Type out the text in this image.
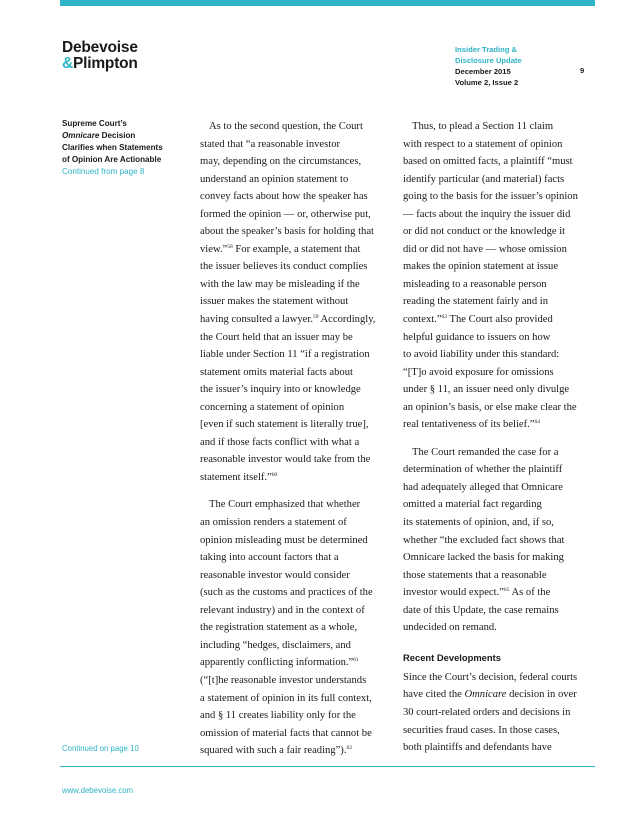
Debevoise
&Plimpton
Insider Trading &
Disclosure Update
December 2015
Volume 2, Issue 2
9
Supreme Court’s
Omnicare Decision
Clarifies when Statements
of Opinion Are Actionable
Continued from page 8

As to the second question, the Court
stated that “a reasonable investor
may, depending on the circumstances,
understand an opinion statement to
convey facts about how the speaker has
formed the opinion — or, otherwise put,
about the speaker’s basis for holding that
view.”$^{58}$ For example, a statement that
the issuer believes its conduct complies
with the law may be misleading if the
issuer makes the statement without
having consulted a lawyer.$^{59}$ Accordingly,
the Court held that an issuer may be
liable under Section 11 “if a registration
statement omits material facts about
the issuer’s inquiry into or knowledge
concerning a statement of opinion
[even if such statement is literally true],
and if those facts conflict with what a
reasonable investor would take from the
statement itself.”$^{60}$

The Court emphasized that whether
an omission renders a statement of
opinion misleading must be determined
taking into account factors that a
reasonable investor would consider
(such as the customs and practices of the
relevant industry) and in the context of
the registration statement as a whole,
including “hedges, disclaimers, and
apparently conflicting information.”$^{61}$
(“[t]he reasonable investor understands
a statement of opinion in its full context,
and § 11 creates liability only for the
omission of material facts that cannot be
squared with such a fair reading”).$^{62}$

Thus, to plead a Section 11 claim
with respect to a statement of opinion
based on omitted facts, a plaintiff “must
identify particular (and material) facts
going to the basis for the issuer’s opinion
— facts about the inquiry the issuer did
or did not conduct or the knowledge it
did or did not have — whose omission
makes the opinion statement at issue
misleading to a reasonable person
reading the statement fairly and in
context.”$^{63}$ The Court also provided
helpful guidance to issuers on how
to avoid liability under this standard:
“[T]o avoid exposure for omissions
under § 11, an issuer need only divulge
an opinion’s basis, or else make clear the
real tentativeness of its belief.”$^{64}$

The Court remanded the case for a
determination of whether the plaintiff
had adequately alleged that Omnicare
omitted a material fact regarding
its statements of opinion, and, if so,
whether “the excluded fact shows that
Omnicare lacked the basis for making
those statements that a reasonable
investor would expect.”$^{65}$ As of the
date of this Update, the case remains
undecided on remand.

Recent Developments

Since the Court’s decision, federal courts
have cited the Omnicare decision in over
30 court-related orders and decisions in
securities fraud cases. In those cases,
both plaintiffs and defendants have

Continued on page 10
www.debevoise.com
